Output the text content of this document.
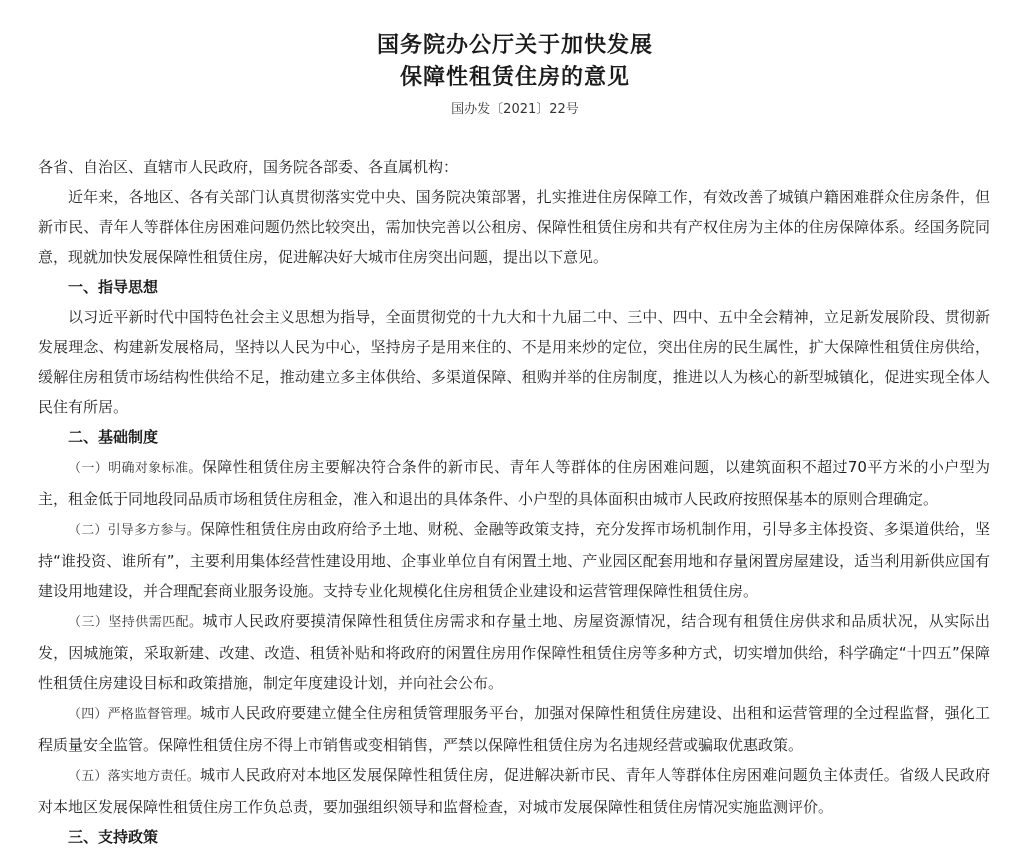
国务院办公厅关于加快发展
保障性租赁住房的意见
国办发〔2021〕22号

各省、自治区、直辖市人民政府，国务院各部委、各直属机构：

近年来，各地区、各有关部门认真贯彻落实党中央、国务院决策部署，扎实推进住房保障工作，有效改善了城镇户籍困难群众住房条件，但新市民、青年人等群体住房困难问题仍然比较突出，需加快完善以公租房、保障性租赁住房和共有产权住房为主体的住房保障体系。经国务院同意，现就加快发展保障性租赁住房，促进解决好大城市住房突出问题，提出以下意见。

一、指导思想

以习近平新时代中国特色社会主义思想为指导，全面贯彻党的十九大和十九届二中、三中、四中、五中全会精神，立足新发展阶段、贯彻新发展理念、构建新发展格局，坚持以人民为中心，坚持房子是用来住的、不是用来炒的定位，突出住房的民生属性，扩大保障性租赁住房供给，缓解住房租赁市场结构性供给不足，推动建立多主体供给、多渠道保障、租购并举的住房制度，推进以人为核心的新型城镇化，促进实现全体人民住有所居。

二、基础制度

（一）明确对象标准。保障性租赁住房主要解决符合条件的新市民、青年人等群体的住房困难问题，以建筑面积不超过70平方米的小户型为主，租金低于同地段同品质市场租赁住房租金，准入和退出的具体条件、小户型的具体面积由城市人民政府按照保基本的原则合理确定。

（二）引导多方参与。保障性租赁住房由政府给予土地、财税、金融等政策支持，充分发挥市场机制作用，引导多主体投资、多渠道供给，坚持“谁投资、谁所有”，主要利用集体经营性建设用地、企事业单位自有闲置土地、产业园区配套用地和存量闲置房屋建设，适当利用新供应国有建设用地建设，并合理配套商业服务设施。支持专业化规模化住房租赁企业建设和运营管理保障性租赁住房。

（三）坚持供需匹配。城市人民政府要摸清保障性租赁住房需求和存量土地、房屋资源情况，结合现有租赁住房供求和品质状况，从实际出发，因城施策，采取新建、改建、改造、租赁补贴和将政府的闲置住房用作保障性租赁住房等多种方式，切实增加供给，科学确定“十四五”保障性租赁住房建设目标和政策措施，制定年度建设计划，并向社会公布。

（四）严格监督管理。城市人民政府要建立健全住房租赁管理服务平台，加强对保障性租赁住房建设、出租和运营管理的全过程监督，强化工程质量安全监管。保障性租赁住房不得上市销售或变相销售，严禁以保障性租赁住房为名违规经营或骗取优惠政策。

（五）落实地方责任。城市人民政府对本地区发展保障性租赁住房，促进解决新市民、青年人等群体住房困难问题负主体责任。省级人民政府对本地区发展保障性租赁住房工作负总责，要加强组织领导和监督检查，对城市发展保障性租赁住房情况实施监测评价。

三、支持政策
